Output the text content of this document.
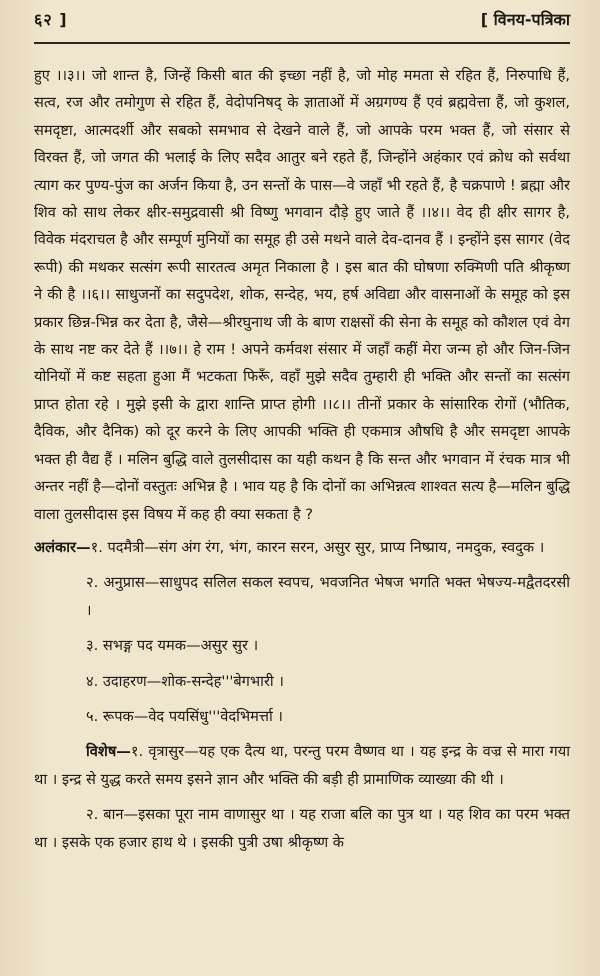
६२ ]	[ विनय-पत्रिका

हुए ।।३।। जो शान्त है, जिन्हें किसी बात की इच्छा नहीं है, जो मोह ममता से रहित हैं, निरुपाधि हैं, सत्व, रज और तमोगुण से रहित हैं, वेदोपनिषद् के ज्ञाताओं में अग्रगण्य हैं एवं ब्रह्मवेत्ता हैं, जो कुशल, समदृष्टा, आत्मदर्शी और सबको समभाव से देखने वाले हैं, जो आपके परम भक्त हैं, जो संसार से विरक्त हैं, जो जगत की भलाई के लिए सदैव आतुर बने रहते हैं, जिन्होंने अहंकार एवं क्रोध को सर्वथा त्याग कर पुण्य-पुंज का अर्जन किया है, उन सन्तों के पास—वे जहाँ भी रहते हैं, है चक्रपाणे ! ब्रह्मा और शिव को साथ लेकर क्षीर-समुद्रवासी श्री विष्णु भगवान दौड़े हुए जाते हैं ।।४।। वेद ही क्षीर सागर है, विवेक मंदराचल है और सम्पूर्ण मुनियों का समूह ही उसे मथने वाले देव-दानव हैं । इन्होंने इस सागर (वेद रूपी) की मथकर सत्संग रूपी सारतत्व अमृत निकाला है । इस बात की घोषणा रुक्मिणी पति श्रीकृष्ण ने की है ।।६।। साधुजनों का सदुपदेश, शोक, सन्देह, भय, हर्ष अविद्या और वासनाओं के समूह को इस प्रकार छिन्न-भिन्न कर देता है, जैसे—श्रीरघुनाथ जी के बाण राक्षसों की सेना के समूह को कौशल एवं वेग के साथ नष्ट कर देते हैं ।।७।। हे राम ! अपने कर्मवश संसार में जहाँ कहीं मेरा जन्म हो और जिन-जिन योनियों में कष्ट सहता हुआ मैं भटकता फिरूँ, वहाँ मुझे सदैव तुम्हारी ही भक्ति और सन्तों का सत्संग प्राप्त होता रहे । मुझे इसी के द्वारा शान्ति प्राप्त होगी ।।८।। तीनों प्रकार के सांसारिक रोगों (भौतिक, दैविक, और दैनिक) को दूर करने के लिए आपकी भक्ति ही एकमात्र औषधि है और समदृष्टा आपके भक्त ही वैद्य हैं । मलिन बुद्धि वाले तुलसीदास का यही कथन है कि सन्त और भगवान में रंचक मात्र भी अन्तर नहीं है—दोनों वस्तुतः अभिन्न है । भाव यह है कि दोनों का अभिन्नत्व शाश्वत सत्य है—मलिन बुद्धि वाला तुलसीदास इस विषय में कह ही क्या सकता है ?

अलंकार—१. पदमैत्री—संग अंग रंग, भंग, कारन सरन, असुर सुर, प्राप्य निष्प्राय, नमदुक, स्वदुक ।
२. अनुप्रास—साधुपद सलिल सकल स्वपच, भवजनित भेषज भगति भक्त भेषज्य-मद्वैतदरसी ।
३. सभङ्ग पद यमक—असुर सुर ।
४. उदाहरण—शोक-सन्देह'''बेगभारी ।
५. रूपक—वेद पयसिंधु'''वेदभिमर्त्ता ।
विशेष—१. वृत्रासुर—यह एक दैत्य था, परन्तु परम वैष्णव था । यह इन्द्र के वज्र से मारा गया था । इन्द्र से युद्ध करते समय इसने ज्ञान और भक्ति की बड़ी ही प्रामाणिक व्याख्या की थी ।
२. बान—इसका पूरा नाम वाणासुर था । यह राजा बलि का पुत्र था । यह शिव का परम भक्त था । इसके एक हजार हाथ थे । इसकी पुत्री उषा श्रीकृष्ण के
